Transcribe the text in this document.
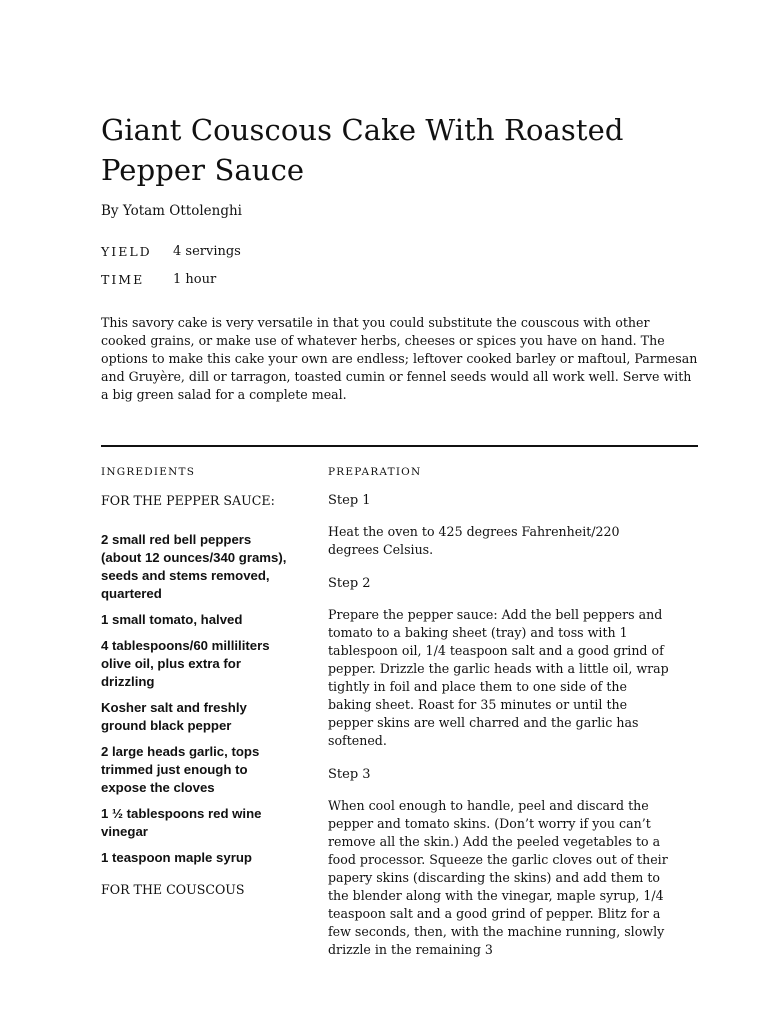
Giant Couscous Cake With Roasted Pepper Sauce
By Yotam Ottolenghi
YIELD	4 servings
TIME	1 hour

This savory cake is very versatile in that you could substitute the couscous with other cooked grains, or make use of whatever herbs, cheeses or spices you have on hand. The options to make this cake your own are endless; leftover cooked barley or maftoul, Parmesan and Gruyère, dill or tarragon, toasted cumin or fennel seeds would all work well. Serve with a big green salad for a complete meal.

INGREDIENTS
FOR THE PEPPER SAUCE:
2 small red bell peppers (about 12 ounces/340 grams), seeds and stems removed, quartered
1 small tomato, halved
4 tablespoons/60 milliliters olive oil, plus extra for drizzling
Kosher salt and freshly ground black pepper
2 large heads garlic, tops trimmed just enough to expose the cloves
1 ½ tablespoons red wine vinegar
1 teaspoon maple syrup
FOR THE COUSCOUS
PREPARATION
Step 1

Heat the oven to 425 degrees Fahrenheit/220 degrees Celsius.

Step 2

Prepare the pepper sauce: Add the bell peppers and tomato to a baking sheet (tray) and toss with 1 tablespoon oil, 1/4 teaspoon salt and a good grind of pepper. Drizzle the garlic heads with a little oil, wrap tightly in foil and place them to one side of the baking sheet. Roast for 35 minutes or until the pepper skins are well charred and the garlic has softened.

Step 3

When cool enough to handle, peel and discard the pepper and tomato skins. (Don’t worry if you can’t remove all the skin.) Add the peeled vegetables to a food processor. Squeeze the garlic cloves out of their papery skins (discarding the skins) and add them to the blender along with the vinegar, maple syrup, 1/4 teaspoon salt and a good grind of pepper. Blitz for a few seconds, then, with the machine running, slowly drizzle in the remaining 3
